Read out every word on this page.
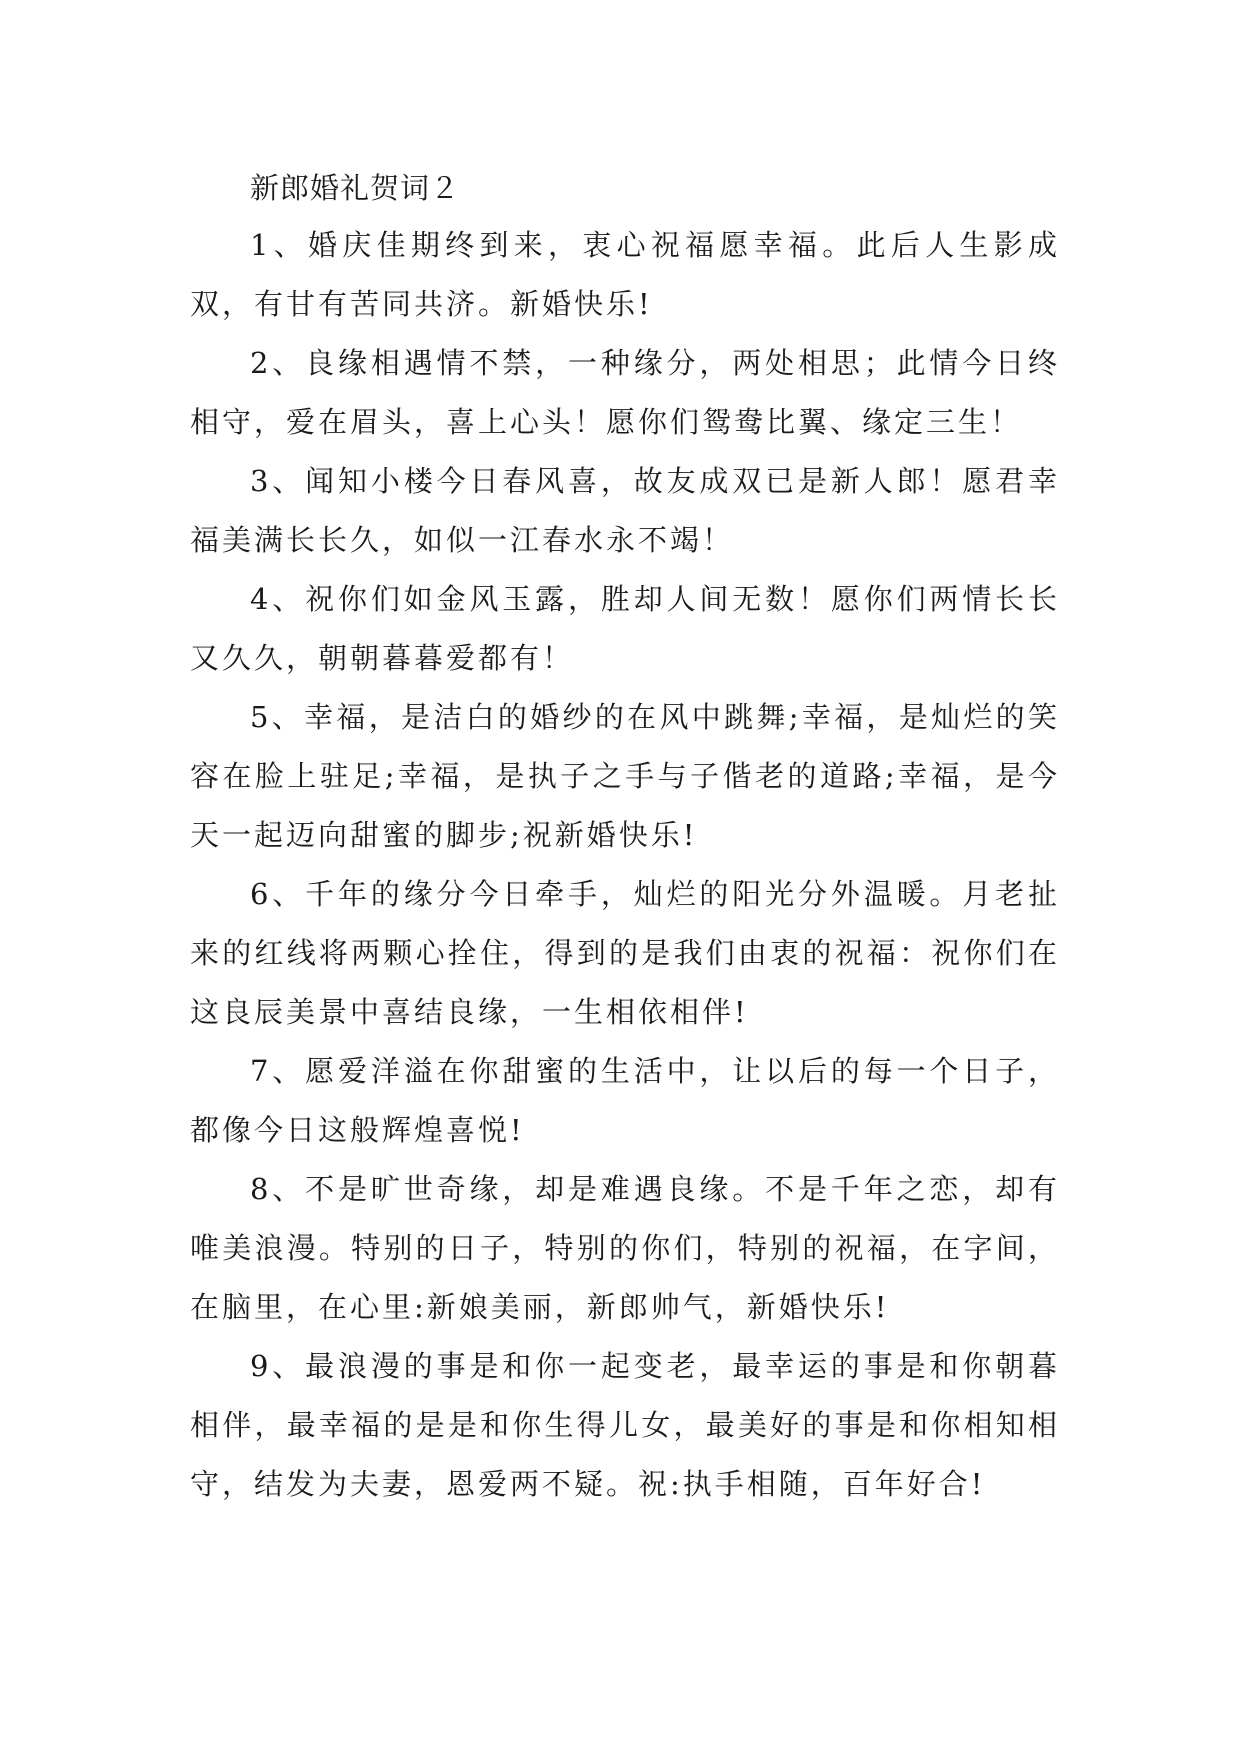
新郎婚礼贺词２

1、婚庆佳期终到来，衷心祝福愿幸福。此后人生影成双，有甘有苦同共济。新婚快乐!

2、良缘相遇情不禁，一种缘分，两处相思；此情今日终相守，爱在眉头，喜上心头！愿你们鸳鸯比翼、缘定三生！

3、闻知小楼今日春风喜，故友成双已是新人郎！愿君幸福美满长长久，如似一江春水永不竭！

4、祝你们如金风玉露，胜却人间无数！愿你们两情长长又久久，朝朝暮暮爱都有！

5、幸福，是洁白的婚纱的在风中跳舞;幸福，是灿烂的笑容在脸上驻足;幸福，是执子之手与子偕老的道路;幸福，是今天一起迈向甜蜜的脚步;祝新婚快乐!

6、千年的缘分今日牵手，灿烂的阳光分外温暖。月老扯来的红线将两颗心拴住，得到的是我们由衷的祝福：祝你们在这良辰美景中喜结良缘，一生相依相伴!

7、愿爱洋溢在你甜蜜的生活中，让以后的每一个日子，都像今日这般辉煌喜悦!

8、不是旷世奇缘，却是难遇良缘。不是千年之恋，却有唯美浪漫。特别的日子，特别的你们，特别的祝福，在字间，在脑里，在心里:新娘美丽，新郎帅气，新婚快乐!

9、最浪漫的事是和你一起变老，最幸运的事是和你朝暮相伴，最幸福的是是和你生得儿女，最美好的事是和你相知相守，结发为夫妻，恩爱两不疑。祝:执手相随，百年好合!
